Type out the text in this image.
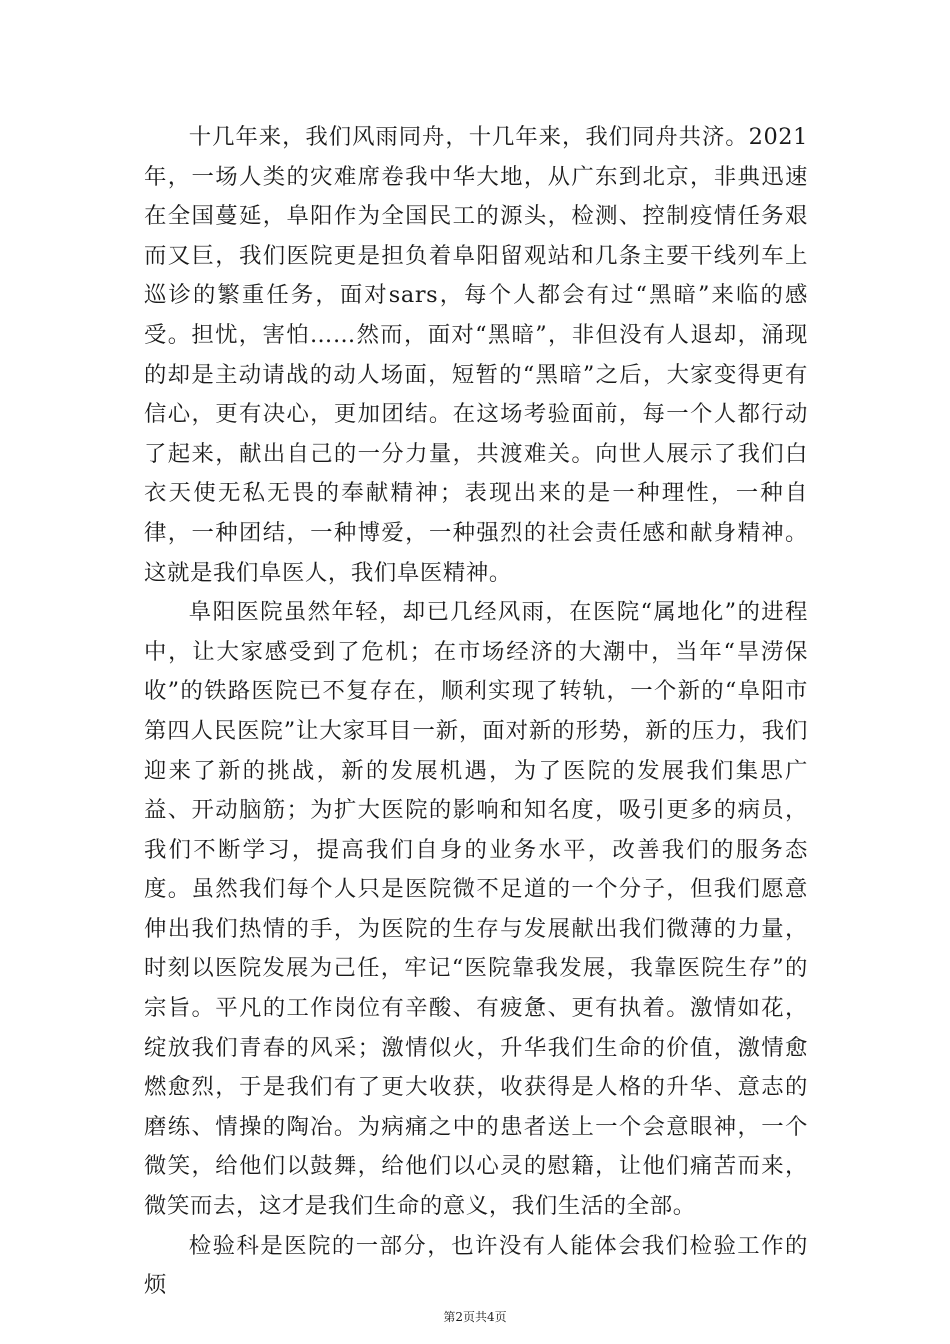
十几年来，我们风雨同舟，十几年来，我们同舟共济。2021年，一场人类的灾难席卷我中华大地，从广东到北京，非典迅速在全国蔓延，阜阳作为全国民工的源头，检测、控制疫情任务艰而又巨，我们医院更是担负着阜阳留观站和几条主要干线列车上巡诊的繁重任务，面对sars，每个人都会有过“黑暗”来临的感受。担忧，害怕……然而，面对“黑暗”，非但没有人退却，涌现的却是主动请战的动人场面，短暂的“黑暗”之后，大家变得更有信心，更有决心，更加团结。在这场考验面前，每一个人都行动了起来，献出自己的一分力量，共渡难关。向世人展示了我们白衣天使无私无畏的奉献精神；表现出来的是一种理性，一种自律，一种团结，一种博爱，一种强烈的社会责任感和献身精神。这就是我们阜医人，我们阜医精神。

阜阳医院虽然年轻，却已几经风雨，在医院“属地化”的进程中，让大家感受到了危机；在市场经济的大潮中，当年“旱涝保收”的铁路医院已不复存在，顺利实现了转轨，一个新的“阜阳市第四人民医院”让大家耳目一新，面对新的形势，新的压力，我们迎来了新的挑战，新的发展机遇，为了医院的发展我们集思广益、开动脑筋；为扩大医院的影响和知名度，吸引更多的病员，我们不断学习，提高我们自身的业务水平，改善我们的服务态度。虽然我们每个人只是医院微不足道的一个分子，但我们愿意伸出我们热情的手，为医院的生存与发展献出我们微薄的力量，时刻以医院发展为己任，牢记“医院靠我发展，我靠医院生存”的宗旨。平凡的工作岗位有辛酸、有疲惫、更有执着。激情如花，绽放我们青春的风采；激情似火，升华我们生命的价值，激情愈燃愈烈，于是我们有了更大收获，收获得是人格的升华、意志的磨练、情操的陶冶。为病痛之中的患者送上一个会意眼神，一个微笑，给他们以鼓舞，给他们以心灵的慰籍，让他们痛苦而来，微笑而去，这才是我们生命的意义，我们生活的全部。

检验科是医院的一部分，也许没有人能体会我们检验工作的烦

第2页共4页
